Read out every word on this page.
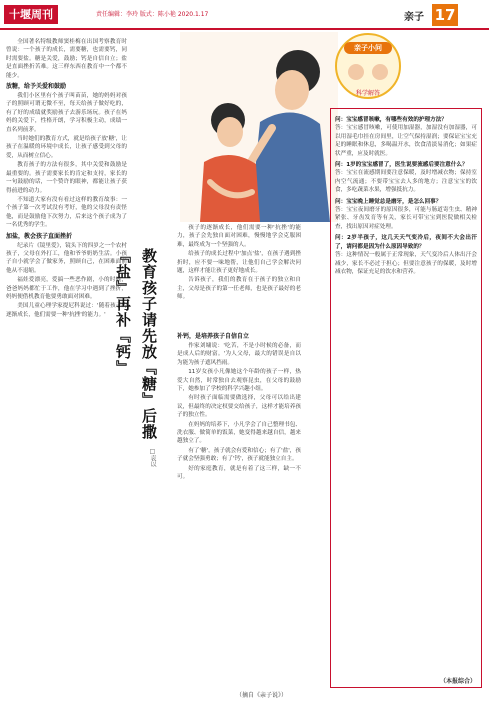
十堰周刊	责任编辑：李玲 版式：陈小艳 2020.1.17	亲子 17

全国著名特级教师窦桂梅在出国考察教育时曾说：一个孩子的成长，需要糖，也需要钙，同时需要盐。糖是关爱，鼓励；钙是自信自立；盐是直面挫折苦难。这三样东西在教育中一个都不能少。

放糖，给予关爱和鼓励

我们小区里有个孩子叫苗苗，她的妈妈对孩子的照顾可谓无微不至，每天给孩子做好吃的，有了好的成绩就奖励孩子去游乐场玩。孩子在妈妈的关爱下，性格开朗，学习积极主动，成绩一直名列前茅。

当时她们的教育方式，就是给孩子放'糖'，让孩子在温暖的环境中成长，让孩子感受到父母的爱，从而树立信心。

教育孩子的方法有很多，其中关爱和鼓励是最重要的。孩子需要家长的肯定和支持，家长的一句鼓励的话，一个赞许的眼神，都能让孩子获得前进的动力。

不知道大家有没有看过这样的教育故事：一个孩子第一次考试没有考好，他的父母没有责怪他，而是鼓励他下次努力，后来这个孩子成为了一名优秀的学生。

加盐，教会孩子直面挫折

纪录片《镜里爱》，镜头下的四岁之一个农村孩子，父母在外打工，他和爷爷奶奶生活。小孩子自小就学会了做家务，照顾自己，在困难面前他从不退缩。

福娃爱漂亮，爱搞一些恶作剧，小的时候，爸爸妈妈都忙于工作，他在学习中遇到了挫折，妈妈便借机教育他要勇敢面对困难。

美国儿童心理学家提尼科说过：'随着孩子的逐渐成长，他们需要一种'抗挫'的能力。'	教育孩子请先放『糖』后撒『盐』再补『钙』
□袁以

孩子的逐渐成长，他们需要一种'抗挫'的能力，孩子会先独自面对困难，慢慢地学会克服困难，最终成为一个坚强的人。

给孩子的成长过程中'加点'盐'，在孩子遇到挫折时，应不要一味地帮，让他们自己学会解决问题，这样才能让孩子更好地成长。

告诉孩子，我们的教育在于孩子的独立和自主，父母是孩子的第一任老师，也是孩子最好的老师。

补钙，是培养孩子自信自立

作家刘墉说：'吃苦，不是小时候的必备，而是成人后的财富。'为人父母，最大的错误是自以为能为孩子遮风挡雨。

11岁女孩小凡像她这个年龄的孩子一样，热爱大自然，时常独自去观察昆虫，在父母的鼓励下，她参加了学校的科学兴趣小组。

有时孩子面临需要做选择，父母可以给出建议，但最终的决定权要交给孩子，这样才能培养孩子的独立性。

在妈妈的培养下，小凡学会了自己整理书包、洗衣服、做简单的饭菜，她变得越来越自信，越来越独立了。

有了'糖'，孩子就会有爱和信心；有了'盐'，孩子就会坚强勇敢；有了'钙'，孩子就能独立自主。

好的家庭教育，就是有着了这三样，缺一不可。

亲子小问
科学解答
问：宝宝感冒咳嗽，有哪些有效的护理方法？
答：宝宝感冒咳嗽，可使用加湿器，加湿没有加湿器，可以用湿毛巾挂在房间里，让空气保持湿润；要保证宝宝充足的睡眠和休息，多喝温开水，饮食清淡易消化；如果症状严重，应及时就医。
问：1岁的宝宝感冒了，医生说要流感后要注意什么？
答：宝宝在流感期间要注意保暖，及时增减衣物；保持室内空气流通；不要带宝宝去人多的地方；注意宝宝的饮食，多吃蔬菜水果，增强抵抗力。
问：宝宝晚上睡觉总是磨牙，是怎么回事？
答：宝宝夜间磨牙的原因很多，可能与肠道寄生虫、精神紧张、牙齿发育等有关，家长可带宝宝到医院做相关检查，找出原因对症处理。
问：2岁半孩子，这几天天气变冷后，夜间不大会出汗了，请问都是因为什么原因导致的？
答：这种情况一般属于正常现象，天气变冷后人体出汗会减少，家长不必过于担心；但要注意孩子的保暖，及时增减衣物，保证充足的饮水和营养。
（本报综合）
（摘自《亲子说》）
